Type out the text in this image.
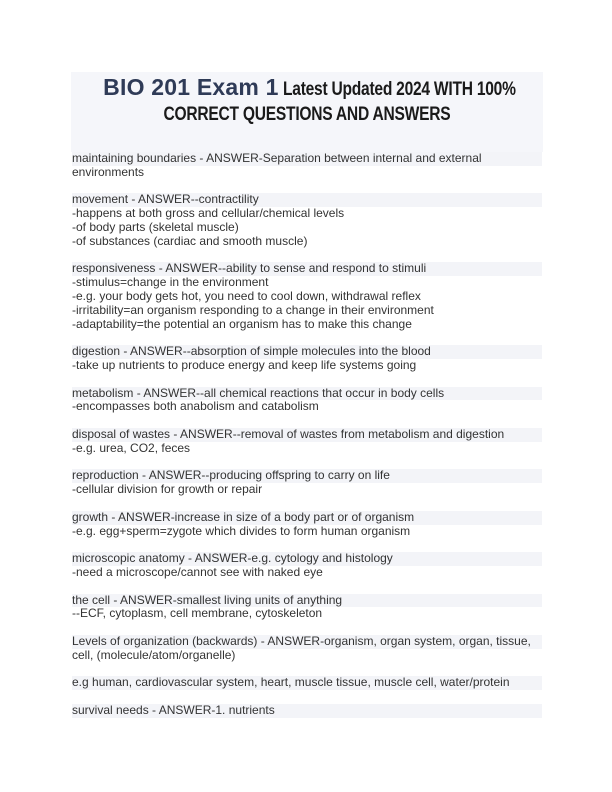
BIO 201 Exam 1 Latest Updated 2024 WITH 100%
CORRECT QUESTIONS AND ANSWERS
maintaining boundaries - ANSWER-Separation between internal and external
environments
movement - ANSWER--contractility
-happens at both gross and cellular/chemical levels
-of body parts (skeletal muscle)
-of substances (cardiac and smooth muscle)
responsiveness - ANSWER--ability to sense and respond to stimuli
-stimulus=change in the environment
-e.g. your body gets hot, you need to cool down, withdrawal reflex
-irritability=an organism responding to a change in their environment
-adaptability=the potential an organism has to make this change
digestion - ANSWER--absorption of simple molecules into the blood
-take up nutrients to produce energy and keep life systems going
metabolism - ANSWER--all chemical reactions that occur in body cells
-encompasses both anabolism and catabolism
disposal of wastes - ANSWER--removal of wastes from metabolism and digestion
-e.g. urea, CO2, feces
reproduction - ANSWER--producing offspring to carry on life
-cellular division for growth or repair
growth - ANSWER-increase in size of a body part or of organism
-e.g. egg+sperm=zygote which divides to form human organism
microscopic anatomy - ANSWER-e.g. cytology and histology
-need a microscope/cannot see with naked eye
the cell - ANSWER-smallest living units of anything
--ECF, cytoplasm, cell membrane, cytoskeleton
Levels of organization (backwards) - ANSWER-organism, organ system, organ, tissue,
cell, (molecule/atom/organelle)
e.g human, cardiovascular system, heart, muscle tissue, muscle cell, water/protein
survival needs - ANSWER-1. nutrients
